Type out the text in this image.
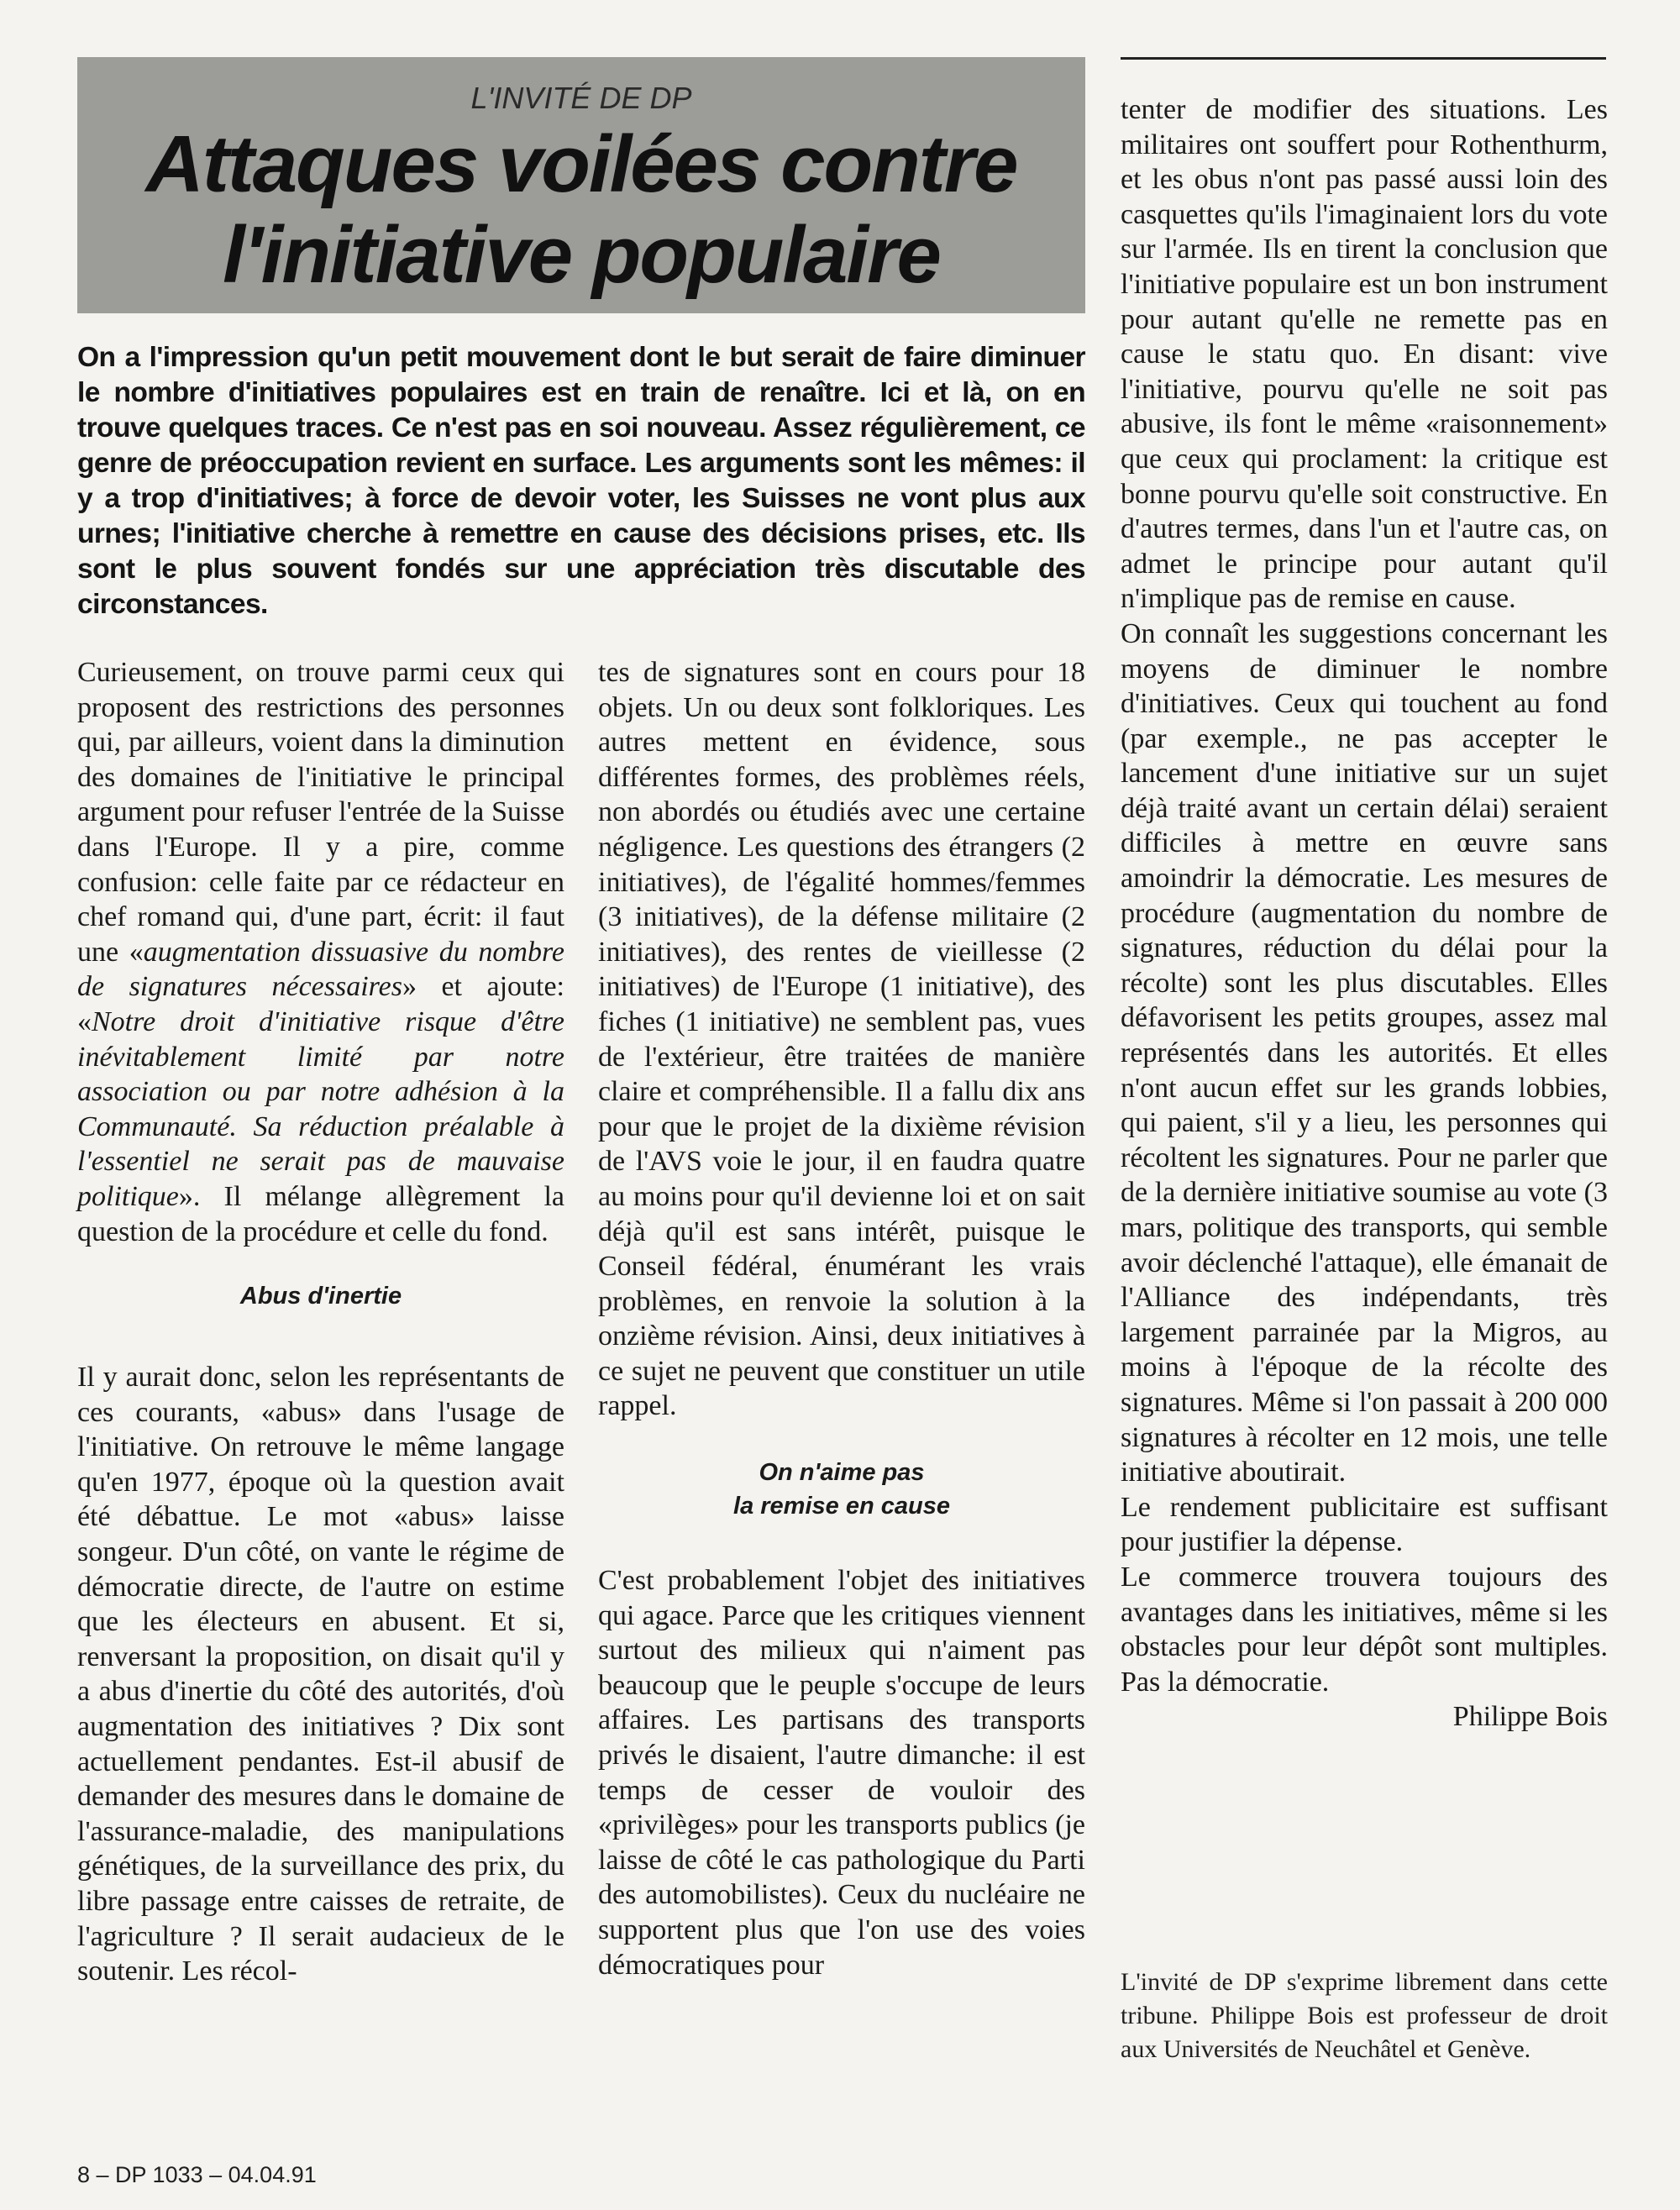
L'INVITÉ DE DP
Attaques voilées contre
l'initiative populaire
On a l'impression qu'un petit mouvement dont le but serait de faire diminuer le nombre d'initiatives populaires est en train de renaître. Ici et là, on en trouve quelques traces. Ce n'est pas en soi nouveau. Assez régulièrement, ce genre de préoccupation revient en surface. Les arguments sont les mêmes: il y a trop d'initiatives; à force de devoir voter, les Suisses ne vont plus aux urnes; l'initiative cherche à remettre en cause des décisions prises, etc. Ils sont le plus souvent fondés sur une appréciation très discutable des circonstances.

Curieusement, on trouve parmi ceux qui proposent des restrictions des personnes qui, par ailleurs, voient dans la diminution des domaines de l'initiative le principal argument pour refuser l'entrée de la Suisse dans l'Europe. Il y a pire, comme confusion: celle faite par ce rédacteur en chef romand qui, d'une part, écrit: il faut une «augmentation dissuasive du nombre de signatures nécessaires» et ajoute: «Notre droit d'initiative risque d'être inévitablement limité par notre association ou par notre adhésion à la Communauté. Sa réduction préalable à l'essentiel ne serait pas de mauvaise politique». Il mélange allègrement la question de la procédure et celle du fond.

Abus d'inertie

Il y aurait donc, selon les représentants de ces courants, «abus» dans l'usage de l'initiative. On retrouve le même langage qu'en 1977, époque où la question avait été débattue. Le mot «abus» laisse songeur. D'un côté, on vante le régime de démocratie directe, de l'autre on estime que les électeurs en abusent. Et si, renversant la proposition, on disait qu'il y a abus d'inertie du côté des autorités, d'où augmentation des initiatives ? Dix sont actuellement pendantes. Est-il abusif de demander des mesures dans le domaine de l'assurance-maladie, des manipulations génétiques, de la surveillance des prix, du libre passage entre caisses de retraite, de l'agriculture ? Il serait audacieux de le soutenir. Les récol-

tes de signatures sont en cours pour 18 objets. Un ou deux sont folkloriques. Les autres mettent en évidence, sous différentes formes, des problèmes réels, non abordés ou étudiés avec une certaine négligence. Les questions des étrangers (2 initiatives), de l'égalité hommes/femmes (3 initiatives), de la défense militaire (2 initiatives), des rentes de vieillesse (2 initiatives) de l'Europe (1 initiative), des fiches (1 initiative) ne semblent pas, vues de l'extérieur, être traitées de manière claire et compréhensible. Il a fallu dix ans pour que le projet de la dixième révision de l'AVS voie le jour, il en faudra quatre au moins pour qu'il devienne loi et on sait déjà qu'il est sans intérêt, puisque le Conseil fédéral, énumérant les vrais problèmes, en renvoie la solution à la onzième révision. Ainsi, deux initiatives à ce sujet ne peuvent que constituer un utile rappel.

On n'aime pas

la remise en cause

C'est probablement l'objet des initiatives qui agace. Parce que les critiques viennent surtout des milieux qui n'aiment pas beaucoup que le peuple s'occupe de leurs affaires. Les partisans des transports privés le disaient, l'autre dimanche: il est temps de cesser de vouloir des «privilèges» pour les transports publics (je laisse de côté le cas pathologique du Parti des automobilistes). Ceux du nucléaire ne supportent plus que l'on use des voies démocratiques pour

tenter de modifier des situations. Les militaires ont souffert pour Rothenthurm, et les obus n'ont pas passé aussi loin des casquettes qu'ils l'imaginaient lors du vote sur l'armée. Ils en tirent la conclusion que l'initiative populaire est un bon instrument pour autant qu'elle ne remette pas en cause le statu quo. En disant: vive l'initiative, pourvu qu'elle ne soit pas abusive, ils font le même «raisonnement» que ceux qui proclament: la critique est bonne pourvu qu'elle soit constructive. En d'autres termes, dans l'un et l'autre cas, on admet le principe pour autant qu'il n'implique pas de remise en cause.

On connaît les suggestions concernant les moyens de diminuer le nombre d'initiatives. Ceux qui touchent au fond (par exemple., ne pas accepter le lancement d'une initiative sur un sujet déjà traité avant un certain délai) seraient difficiles à mettre en œuvre sans amoindrir la démocratie. Les mesures de procédure (augmentation du nombre de signatures, réduction du délai pour la récolte) sont les plus discutables. Elles défavorisent les petits groupes, assez mal représentés dans les autorités. Et elles n'ont aucun effet sur les grands lobbies, qui paient, s'il y a lieu, les personnes qui récoltent les signatures. Pour ne parler que de la dernière initiative soumise au vote (3 mars, politique des transports, qui semble avoir déclenché l'attaque), elle émanait de l'Alliance des indépendants, très largement parrainée par la Migros, au moins à l'époque de la récolte des signatures. Même si l'on passait à 200 000 signatures à récolter en 12 mois, une telle initiative aboutirait.

Le rendement publicitaire est suffisant pour justifier la dépense.

Le commerce trouvera toujours des avantages dans les initiatives, même si les obstacles pour leur dépôt sont multiples. Pas la démocratie.

Philippe Bois

L'invité de DP s'exprime librement dans cette tribune. Philippe Bois est professeur de droit aux Universités de Neuchâtel et Genève.
8 – DP 1033 – 04.04.91
